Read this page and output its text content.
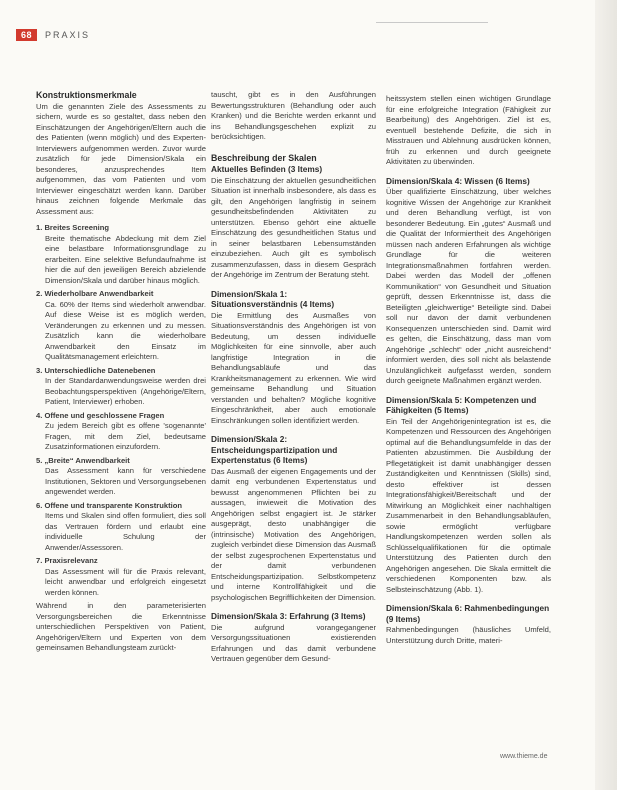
68	PRAXIS
Konstruktionsmerkmale
Um die genannten Ziele des Assessments zu sichern, wurde es so gestaltet, dass neben den Einschätzungen der Angehörigen/Eltern auch die des Patienten (wenn möglich) und des Experten-Interviewers aufgenommen werden. Zuvor wurde zusätzlich für jede Dimension/Skala ein besonderes, anzusprechendes Item aufgenommen, das vom Patienten und vom Interviewer eingeschätzt werden kann. Darüber hinaus zeichnen folgende Merkmale das Assessment aus:
1. Breites Screening
Breite thematische Abdeckung mit dem Ziel eine belastbare Informationsgrundlage zu erarbeiten. Eine selektive Befundaufnahme ist hier die auf den jeweiligen Bereich abzielende Dimension/Skala und darüber hinaus möglich.
2. Wiederholbare Anwendbarkeit
Ca. 60% der Items sind wiederholt anwendbar. Auf diese Weise ist es möglich werden, Veränderungen zu erkennen und zu messen. Zusätzlich kann die wiederholbare Anwendbarkeit den Einsatz im Qualitätsmanagement erleichtern.
3. Unterschiedliche Datenebenen
In der Standardanwendungsweise werden drei Beobachtungsperspektiven (Angehörige/Eltern, Patient, Interviewer) erhoben.
4. Offene und geschlossene Fragen
Zu jedem Bereich gibt es offene 'sogenannte' Fragen, mit dem Ziel, bedeutsame Zusatzinformationen einzufordern.
5. „Breite“ Anwendbarkeit
Das Assessment kann für verschiedene Institutionen, Sektoren und Versorgungsebenen angewendet werden.
6. Offene und transparente Konstruktion
Items und Skalen sind offen formuliert, dies soll das Vertrauen fördern und erlaubt eine individuelle Schulung der Anwender/Assessoren.
7. Praxisrelevanz
Das Assessment will für die Praxis relevant, leicht anwendbar und erfolgreich eingesetzt werden können.
Während in den parameterisierten Versorgungsbereichen die Erkenntnisse unterschiedlichen Perspektiven von Patient, Angehörigen/Eltern und Experten von dem gemeinsamen Behandlungsteam zurückt-
tauscht, gibt es in den Ausführungen Bewertungsstrukturen (Behandlung oder auch Kranken) und die Berichte werden erkannt und ins Behandlungsgeschehen explizit zu berücksichtigen.
Beschreibung der Skalen
Aktuelles Befinden (3 Items)
Die Einschätzung der aktuellen gesundheitlichen Situation ist innerhalb insbesondere, als dass es gilt, den Angehörigen langfristig in seinem gesundheitsbefindenden Aktivitäten zu unterstützen. Ebenso gehört eine aktuelle Einschätzung des gesundheitlichen Status und in seiner belastbaren Lebensumständen einzubeziehen. Auch gilt es symbolisch zusammenzufassen, dass in diesem Gespräch der Angehörige im Zentrum der Beratung steht.
Dimension/Skala 1: Situationsverständnis (4 Items)
Die Ermittlung des Ausmaßes von Situationsverständnis des Angehörigen ist von Bedeutung, um dessen individuelle Möglichkeiten für eine sinnvolle, aber auch langfristige Integration in die Behandlungsabläufe und das Krankheitsmanagement zu erkennen. Wie wird gemeinsame Behandlung und Situation verstanden und behalten? Mögliche kognitive Eingeschränktheit, aber auch emotionale Einschränkungen sollen identifiziert werden.
Dimension/Skala 2: Entscheidungspartizipation und Expertenstatus (6 Items)
Das Ausmaß der eigenen Engagements und der damit eng verbundenen Expertenstatus und bewusst angenommenen Pflichten bei zu aussagen, inwieweit die Motivation des Angehörigen selbst engagiert ist. Je stärker ausgeprägt, desto unabhängiger die (intrinsische) Motivation des Angehörigen, zugleich verbindet diese Dimension das Ausmaß der selbst zugesprochenen Expertenstatus und der damit verbundenen Entscheidungspartizipation. Selbstkompetenz und interne Kontrollfähigkeit und die psychologischen Begrifflichkeiten der Dimension.
Dimension/Skala 3: Erfahrung (3 Items)
Die aufgrund vorangegangener Versorgungssituationen existierenden Erfahrungen und das damit verbundene Vertrauen gegenüber dem Gesund-
heitssystem stellen einen wichtigen Grundlage für eine erfolgreiche Integration (Fähigkeit zur Bearbeitung) des Angehörigen. Ziel ist es, eventuell bestehende Defizite, die sich in Misstrauen und Ablehnung ausdrücken können, früh zu erkennen und durch geeignete Aktivitäten zu überwinden.
Dimension/Skala 4: Wissen (6 Items)
Über qualifizierte Einschätzung, über welches kognitive Wissen der Angehörige zur Krankheit und deren Behandlung verfügt, ist von besonderer Bedeutung. Ein „gutes“ Ausmaß und die Qualität der Informiertheit des Angehörigen müssen nach anderen Erfahrungen als wichtige Grundlage für die weiteren Integrationsmaßnahmen fortfahren werden. Dabei werden das Modell der „offenen Kommunikation“ von Gesundheit und Situation geprüft, dessen Erkenntnisse ist, dass die Beteiligten „gleichwertige“ Beteiligte sind. Dabei soll nur davon der damit verbundenen Konsequenzen unterschieden sind. Damit wird es gelten, die Einschätzung, dass man vom Angehörige „schlecht“ oder „nicht ausreichend“ informiert werden, dies soll nicht als belastende Unzulänglichkeit aufgefasst werden, sondern durch geeignete Maßnahmen ergänzt werden.
Dimension/Skala 5: Kompetenzen und Fähigkeiten (5 Items)
Ein Teil der Angehörigenintegration ist es, die Kompetenzen und Ressourcen des Angehörigen optimal auf die Behandlungsumfelde in das der Patienten abzustimmen. Die Ausbildung der Pflegetätigkeit ist damit unabhängiger dessen Zuständigkeiten und Kenntnissen (Skills) sind, desto effektiver ist dessen Integrationsfähigkeit/Bereitschaft und der Mitwirkung an Möglichkeit einer nachhaltigen Zusammenarbeit in den Behandlungsabläufen, sowie ermöglicht verfügbare Handlungskompetenzen werden sollen als Schlüsselqualifikationen für die optimale Unterstützung des Patienten durch den Angehörigen angesehen. Die Skala ermittelt die verschiedenen Komponenten bzw. als Selbsteinschätzung (Abb. 1).
Dimension/Skala 6: Rahmenbedingungen (9 Items)
Rahmenbedingungen (häusliches Umfeld, Unterstützung durch Dritte, materi-
www.thieme.de
